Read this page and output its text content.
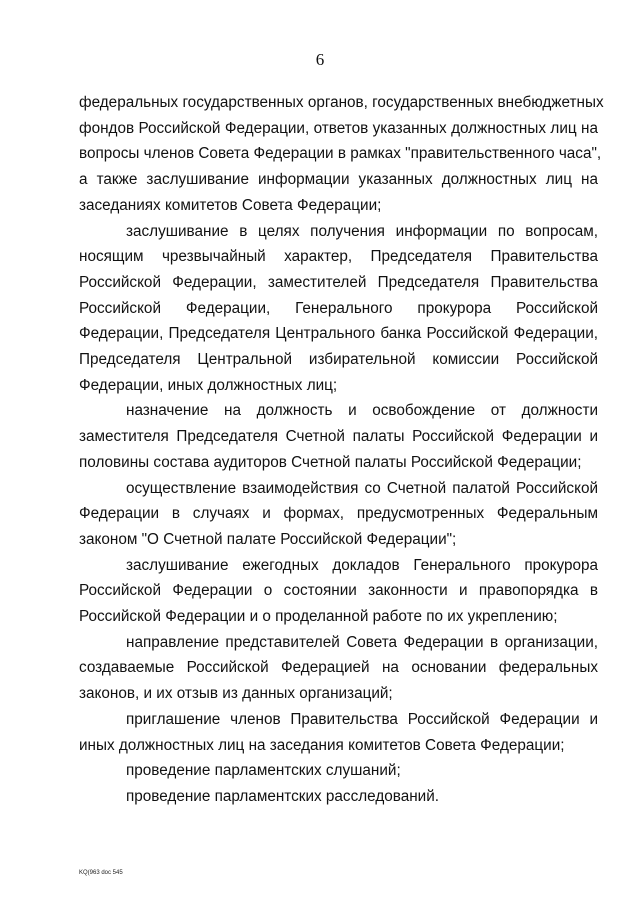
6

федеральных государственных органов, государственных внебюджетных
фондов Российской Федерации, ответов указанных должностных лиц на
вопросы членов Совета Федерации в рамках "правительственного часа",
а также заслушивание информации указанных должностных лиц на
заседаниях комитетов Совета Федерации;

заслушивание в целях получения информации по вопросам,
носящим чрезвычайный характер, Председателя Правительства
Российской Федерации, заместителей Председателя Правительства
Российской Федерации, Генерального прокурора Российской
Федерации, Председателя Центрального банка Российской Федерации,
Председателя Центральной избирательной комиссии Российской
Федерации, иных должностных лиц;

назначение на должность и освобождение от должности
заместителя Председателя Счетной палаты Российской Федерации и
половины состава аудиторов Счетной палаты Российской Федерации;

осуществление взаимодействия со Счетной палатой Российской
Федерации в случаях и формах, предусмотренных Федеральным
законом "О Счетной палате Российской Федерации";

заслушивание ежегодных докладов Генерального прокурора
Российской Федерации о состоянии законности и правопорядка в
Российской Федерации и о проделанной работе по их укреплению;

направление представителей Совета Федерации в организации,
создаваемые Российской Федерацией на основании федеральных
законов, и их отзыв из данных организаций;

приглашение членов Правительства Российской Федерации и
иных должностных лиц на заседания комитетов Совета Федерации;

проведение парламентских слушаний;

проведение парламентских расследований.

KQ(963 doc 545
